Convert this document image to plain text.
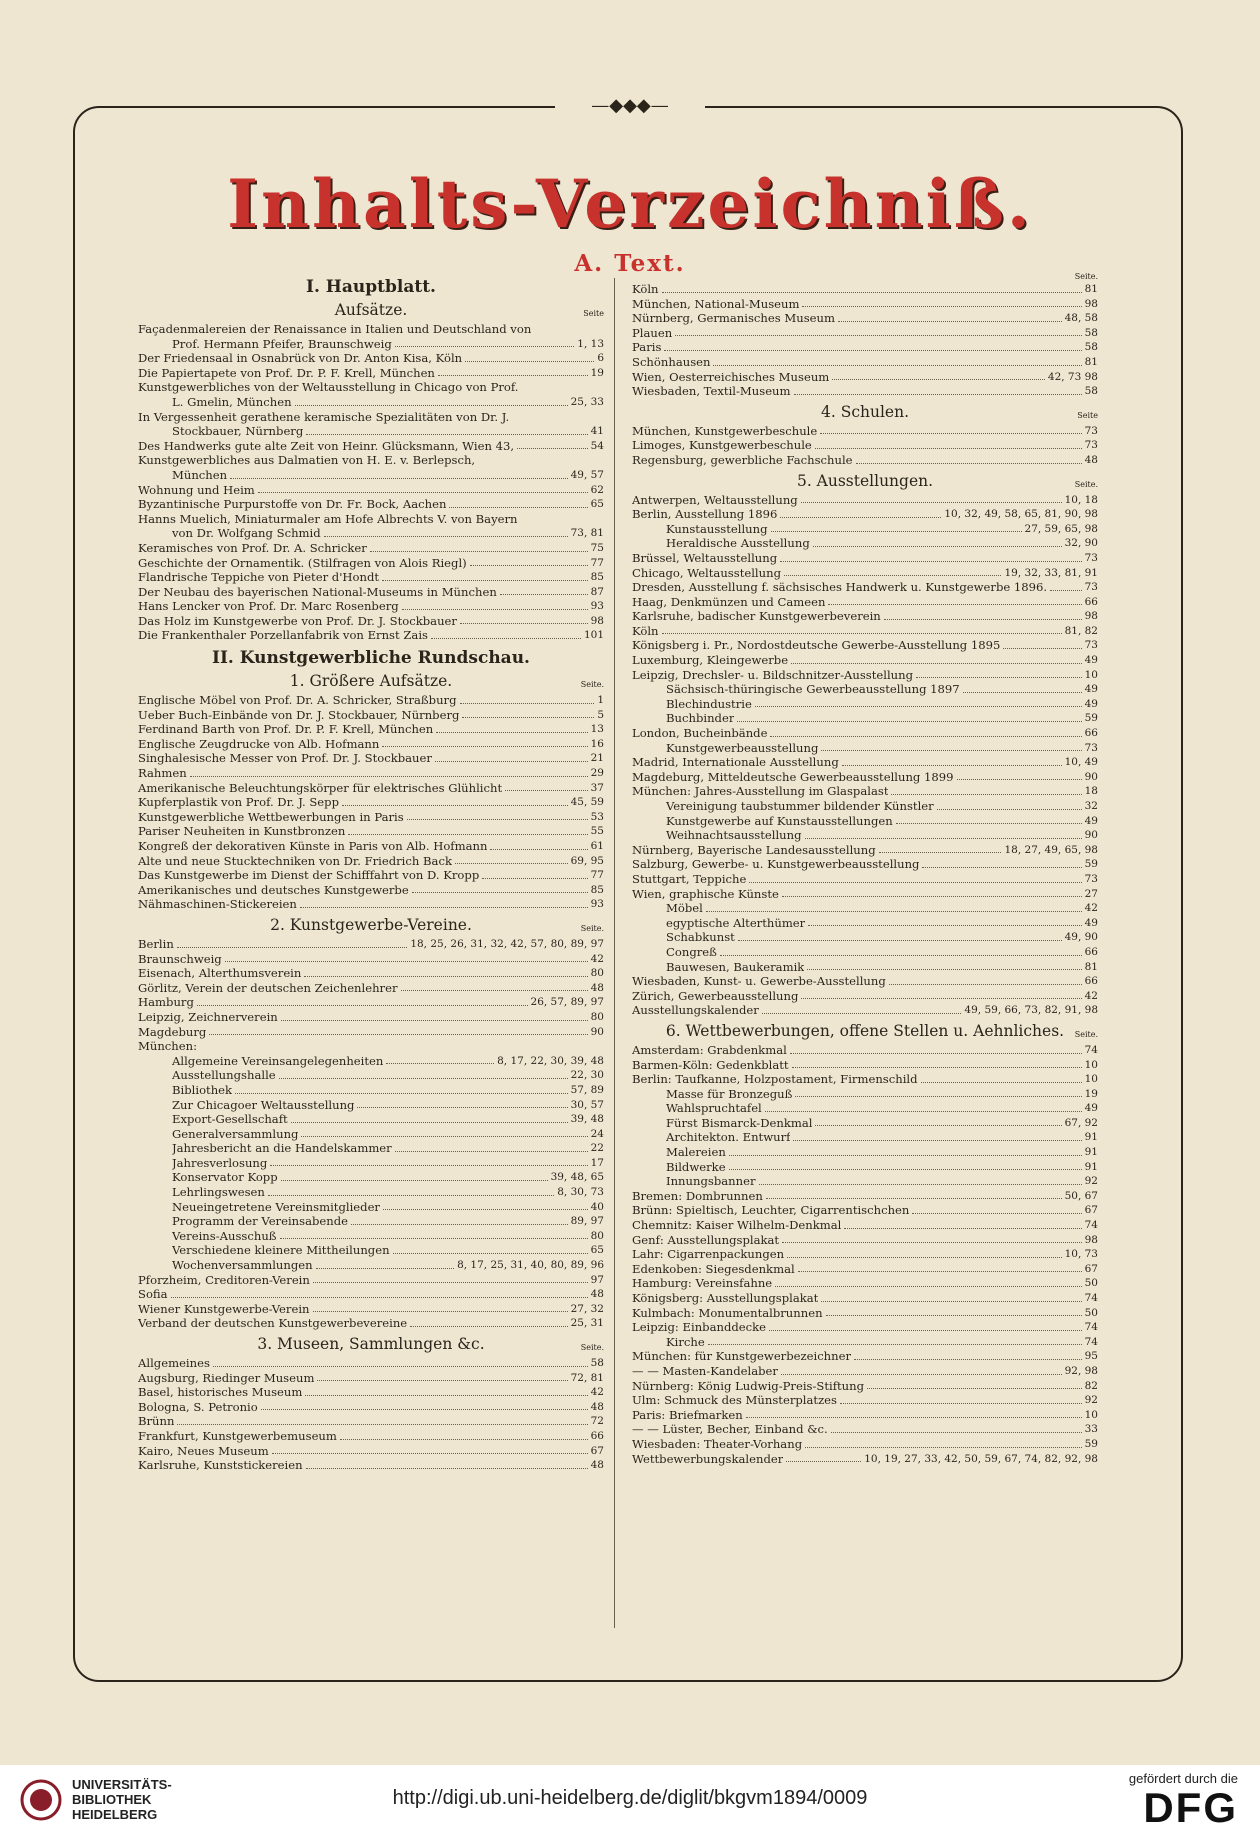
—◆◆◆—
Inhalts-Verzeichniß.
A. Text.
I. Hauptblatt.
Aufsätze.	Seite
Façadenmalereien der Renaissance in Italien und Deutschland von
Prof. Hermann Pfeifer, Braunschweig	1, 13
Der Friedensaal in Osnabrück von Dr. Anton Kisa, Köln	6
Die Papiertapete von Prof. Dr. P. F. Krell, München	19
Kunstgewerbliches von der Weltausstellung in Chicago von Prof.
L. Gmelin, München	25, 33
In Vergessenheit gerathene keramische Spezialitäten von Dr. J.
Stockbauer, Nürnberg	41
Des Handwerks gute alte Zeit von Heinr. Glücksmann, Wien 43,	54
Kunstgewerbliches aus Dalmatien von H. E. v. Berlepsch,
München	49, 57
Wohnung und Heim	62
Byzantinische Purpurstoffe von Dr. Fr. Bock, Aachen	65
Hanns Muelich, Miniaturmaler am Hofe Albrechts V. von Bayern
von Dr. Wolfgang Schmid	73, 81
Keramisches von Prof. Dr. A. Schricker	75
Geschichte der Ornamentik. (Stilfragen von Alois Riegl)	77
Flandrische Teppiche von Pieter d'Hondt	85
Der Neubau des bayerischen National-Museums in München	87
Hans Lencker von Prof. Dr. Marc Rosenberg	93
Das Holz im Kunstgewerbe von Prof. Dr. J. Stockbauer	98
Die Frankenthaler Porzellanfabrik von Ernst Zais	101
II. Kunstgewerbliche Rundschau.
1. Größere Aufsätze.	Seite.
Englische Möbel von Prof. Dr. A. Schricker, Straßburg	1
Ueber Buch-Einbände von Dr. J. Stockbauer, Nürnberg	5
Ferdinand Barth von Prof. Dr. P. F. Krell, München	13
Englische Zeugdrucke von Alb. Hofmann	16
Singhalesische Messer von Prof. Dr. J. Stockbauer	21
Rahmen	29
Amerikanische Beleuchtungskörper für elektrisches Glühlicht	37
Kupferplastik von Prof. Dr. J. Sepp	45, 59
Kunstgewerbliche Wettbewerbungen in Paris	53
Pariser Neuheiten in Kunstbronzen	55
Kongreß der dekorativen Künste in Paris von Alb. Hofmann	61
Alte und neue Stucktechniken von Dr. Friedrich Back	69, 95
Das Kunstgewerbe im Dienst der Schifffahrt von D. Kropp	77
Amerikanisches und deutsches Kunstgewerbe	85
Nähmaschinen-Stickereien	93
2. Kunstgewerbe-Vereine.	Seite.
Berlin	18, 25, 26, 31, 32, 42, 57, 80, 89, 97
Braunschweig	42
Eisenach, Alterthumsverein	80
Görlitz, Verein der deutschen Zeichenlehrer	48
Hamburg	26, 57, 89, 97
Leipzig, Zeichnerverein	80
Magdeburg	90
München:
Allgemeine Vereinsangelegenheiten	8, 17, 22, 30, 39, 48
Ausstellungshalle	22, 30
Bibliothek	57, 89
Zur Chicagoer Weltausstellung	30, 57
Export-Gesellschaft	39, 48
Generalversammlung	24
Jahresbericht an die Handelskammer	22
Jahresverlosung	17
Konservator Kopp	39, 48, 65
Lehrlingswesen	8, 30, 73
Neueingetretene Vereinsmitglieder	40
Programm der Vereinsabende	89, 97
Vereins-Ausschuß	80
Verschiedene kleinere Mittheilungen	65
Wochenversammlungen	8, 17, 25, 31, 40, 80, 89, 96
Pforzheim, Creditoren-Verein	97
Sofia	48
Wiener Kunstgewerbe-Verein	27, 32
Verband der deutschen Kunstgewerbevereine	25, 31
3. Museen, Sammlungen &c.	Seite.
Allgemeines	58
Augsburg, Riedinger Museum	72, 81
Basel, historisches Museum	42
Bologna, S. Petronio	48
Brünn	72
Frankfurt, Kunstgewerbemuseum	66
Kairo, Neues Museum	67
Karlsruhe, Kunststickereien	48
Seite.
Köln	81
München, National-Museum	98
Nürnberg, Germanisches Museum	48, 58
Plauen	58
Paris	58
Schönhausen	81
Wien, Oesterreichisches Museum	42, 73 98
Wiesbaden, Textil-Museum	58
4. Schulen.	Seite
München, Kunstgewerbeschule	73
Limoges, Kunstgewerbeschule	73
Regensburg, gewerbliche Fachschule	48
5. Ausstellungen.	Seite.
Antwerpen, Weltausstellung	10, 18
Berlin, Ausstellung 1896	10, 32, 49, 58, 65, 81, 90, 98
Kunstausstellung	27, 59, 65, 98
Heraldische Ausstellung	32, 90
Brüssel, Weltausstellung	73
Chicago, Weltausstellung	19, 32, 33, 81, 91
Dresden, Ausstellung f. sächsisches Handwerk u. Kunstgewerbe 1896.	73
Haag, Denkmünzen und Cameen	66
Karlsruhe, badischer Kunstgewerbeverein	98
Köln	81, 82
Königsberg i. Pr., Nordostdeutsche Gewerbe-Ausstellung 1895	73
Luxemburg, Kleingewerbe	49
Leipzig, Drechsler- u. Bildschnitzer-Ausstellung	10
Sächsisch-thüringische Gewerbeausstellung 1897	49
Blechindustrie	49
Buchbinder	59
London, Bucheinbände	66
Kunstgewerbeausstellung	73
Madrid, Internationale Ausstellung	10, 49
Magdeburg, Mitteldeutsche Gewerbeausstellung 1899	90
München: Jahres-Ausstellung im Glaspalast	18
Vereinigung taubstummer bildender Künstler	32
Kunstgewerbe auf Kunstausstellungen	49
Weihnachtsausstellung	90
Nürnberg, Bayerische Landesausstellung	18, 27, 49, 65, 98
Salzburg, Gewerbe- u. Kunstgewerbeausstellung	59
Stuttgart, Teppiche	73
Wien, graphische Künste	27
Möbel	42
egyptische Alterthümer	49
Schabkunst	49, 90
Congreß	66
Bauwesen, Baukeramik	81
Wiesbaden, Kunst- u. Gewerbe-Ausstellung	66
Zürich, Gewerbeausstellung	42
Ausstellungskalender	49, 59, 66, 73, 82, 91, 98
6. Wettbewerbungen, offene Stellen u. Aehnliches. Seite.
Amsterdam: Grabdenkmal	74
Barmen-Köln: Gedenkblatt	10
Berlin: Taufkanne, Holzpostament, Firmenschild	10
Masse für Bronzeguß	19
Wahlspruchtafel	49
Fürst Bismarck-Denkmal	67, 92
Architekton. Entwurf	91
Malereien	91
Bildwerke	91
Innungsbanner	92
Bremen: Dombrunnen	50, 67
Brünn: Spieltisch, Leuchter, Cigarrentischchen	67
Chemnitz: Kaiser Wilhelm-Denkmal	74
Genf: Ausstellungsplakat	98
Lahr: Cigarrenpackungen	10, 73
Edenkoben: Siegesdenkmal	67
Hamburg: Vereinsfahne	50
Königsberg: Ausstellungsplakat	74
Kulmbach: Monumentalbrunnen	50
Leipzig: Einbanddecke	74
Kirche	74
München: für Kunstgewerbezeichner	95
— — Masten-Kandelaber	92, 98
Nürnberg: König Ludwig-Preis-Stiftung	82
Ulm: Schmuck des Münsterplatzes	92
Paris: Briefmarken	10
— — Lüster, Becher, Einband &c.	33
Wiesbaden: Theater-Vorhang	59
Wettbewerbungskalender	10, 19, 27, 33, 42, 50, 59, 67, 74, 82, 92, 98
UNIVERSITÄTS-
BIBLIOTHEK
HEIDELBERG
http://digi.ub.uni-heidelberg.de/diglit/bkgvm1894/0009
gefördert durch die
DFG
